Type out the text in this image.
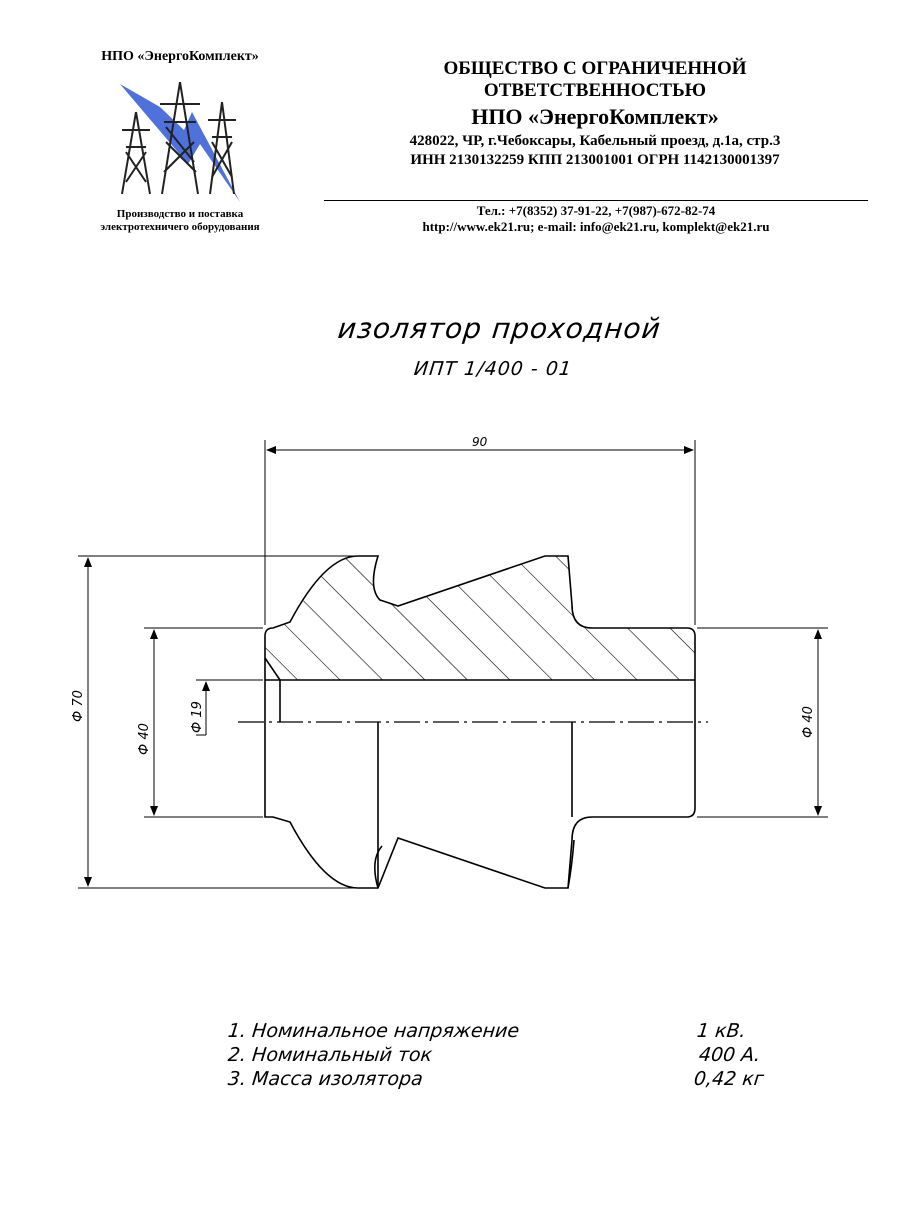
НПО «ЭнергоКомплект»
Производство и поставка
электротехничего оборудования
ОБЩЕСТВО С ОГРАНИЧЕННОЙ
ОТВЕТСТВЕННОСТЬЮ
НПО «ЭнергоКомплект»
428022, ЧР, г.Чебоксары, Кабельный проезд, д.1а, стр.3
ИНН 2130132259 КПП 213001001 ОГРН 1142130001397
Тел.: +7(8352) 37-91-22, +7(987)-672-82-74
http://www.ek21.ru; e-mail: info@ek21.ru, komplekt@ek21.ru
изолятор проходной
ИПТ 1/400 - 01
90
Ф 70
Ф 40
Ф 19	Ф 40
1. Номинальное напряжение	1 кВ.
2. Номинальный ток	400 А.
3. Масса изолятора	0,42 кг
